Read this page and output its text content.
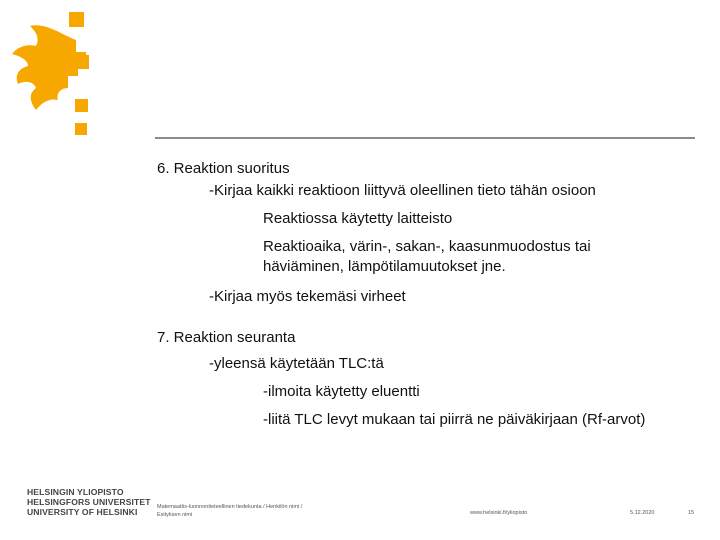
6. Reaktion suoritus

-Kirjaa kaikki reaktioon liittyvä oleellinen tieto tähän osioon

Reaktiossa käytetty laitteisto

Reaktioaika, värin-, sakan-, kaasunmuodostus tai

häviäminen, lämpötilamuutokset jne.

-Kirjaa myös tekemäsi virheet

7. Reaktion seuranta

-yleensä käytetään TLC:tä

-ilmoita käytetty eluentti

-liitä TLC levyt mukaan tai piirrä ne päiväkirjaan (Rf-arvot)

HELSINGIN YLIOPISTO
HELSINGFORS UNIVERSITET
UNIVERSITY OF HELSINKI	Matemaattis-luonnontieteellinen tiedekunta / Henkilön nimi /
Esityksen nimi	www.helsinki.fi/yliopisto	5.12.2020	15
